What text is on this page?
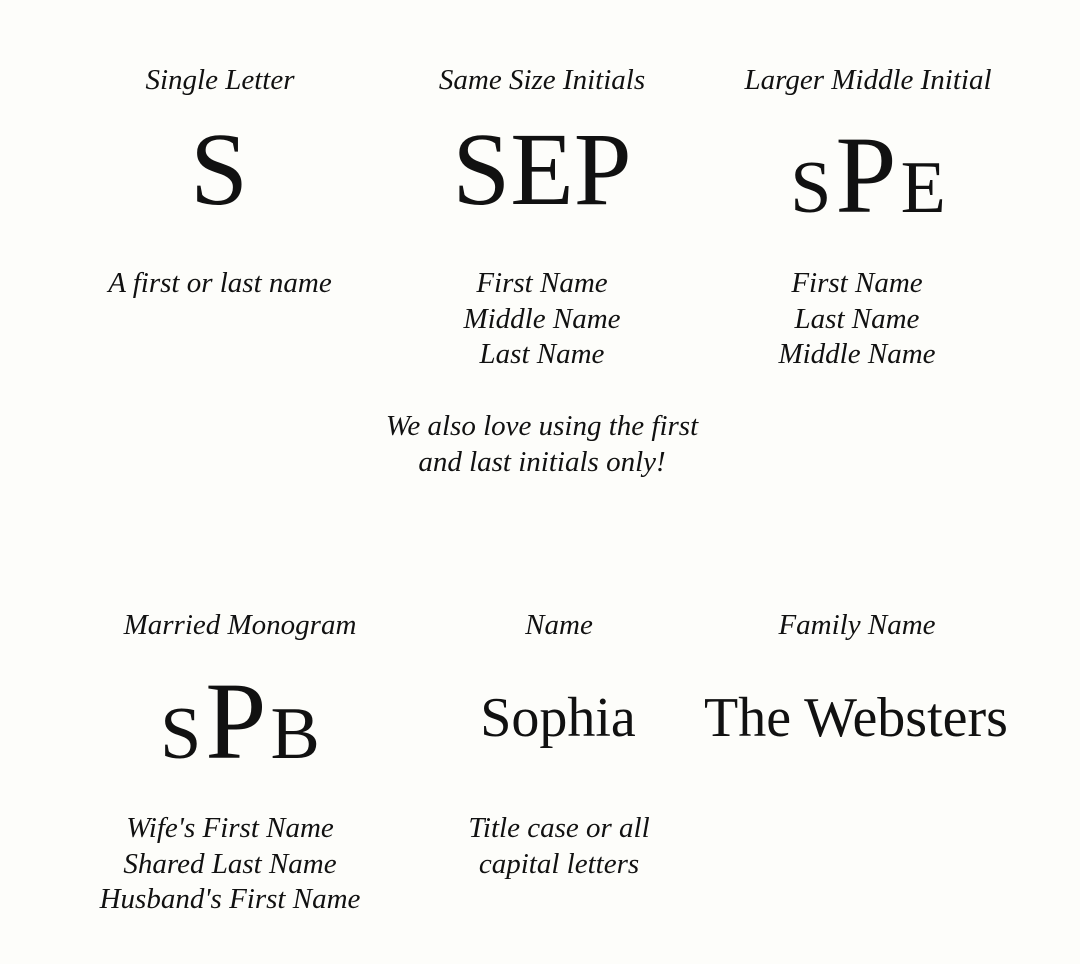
Single Letter
S
A first or last name
Same Size Initials
SEP
First Name
Middle Name
Last Name
Larger Middle Initial
S P E
First Name
Last Name
Middle Name
We also love using the first
and last initials only!
Married Monogram
S P B
Wife's First Name
Shared Last Name
Husband's First Name
Name
Sophia
Title case or all
capital letters
Family Name
The Websters
